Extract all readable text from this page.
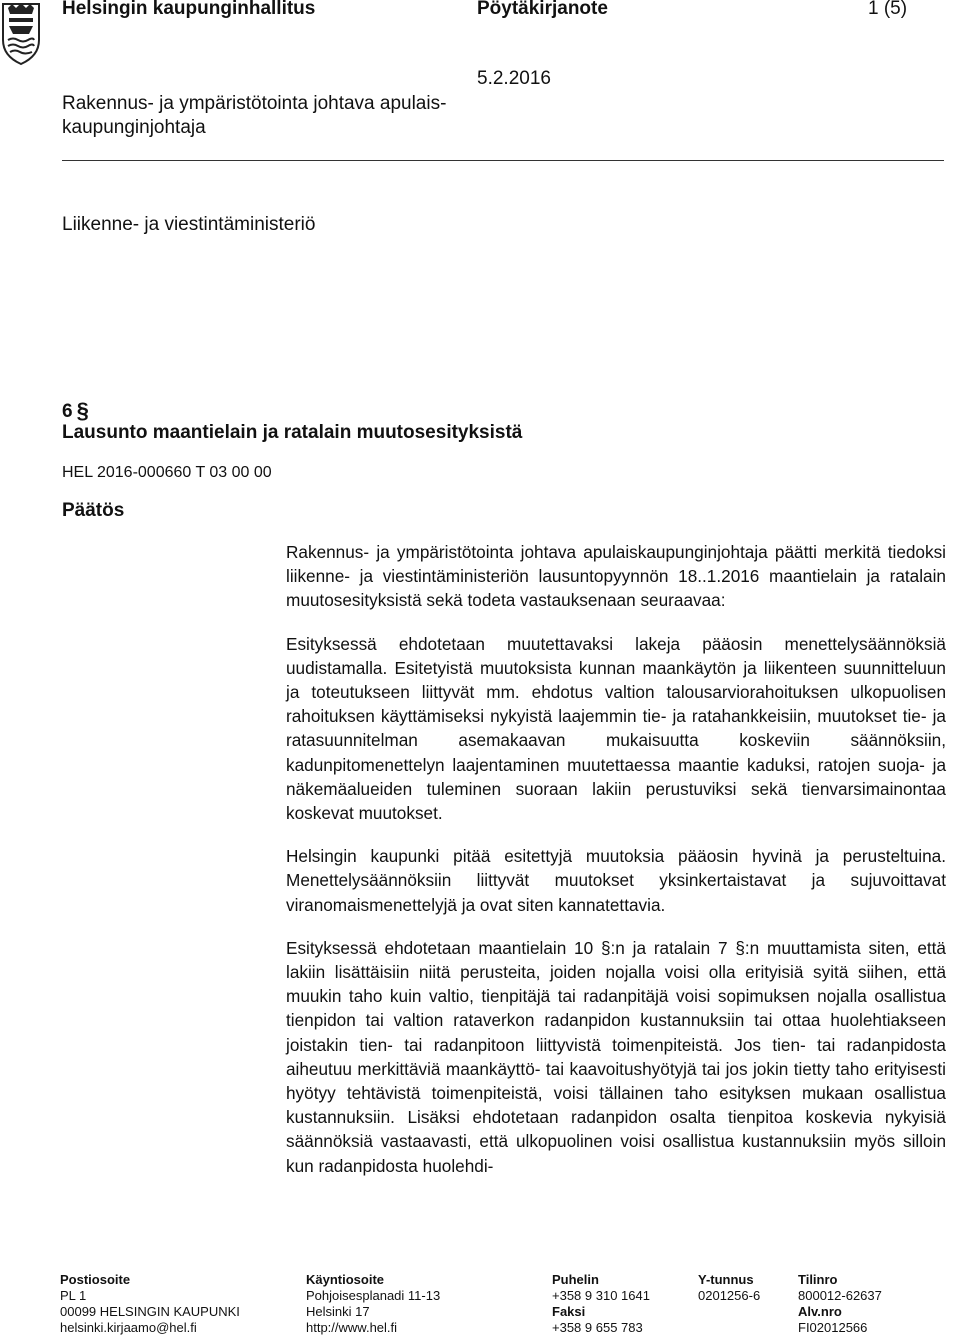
Helsingin kaupunginhallitus	Pöytäkirjanote	1 (5)
5.2.2016
Rakennus- ja ympäristötointa johtava apulais-kaupunginjohtaja
Liikenne- ja viestintäministeriö
6 §
Lausunto maantielain ja ratalain muutosesityksistä
HEL 2016-000660 T 03 00 00
Päätös

Rakennus- ja ympäristötointa johtava apulaiskaupunginjohtaja päätti merkitä tiedoksi liikenne- ja viestintäministeriön lausuntopyynnön 18..1.2016 maantielain ja ratalain muutosesityksistä sekä todeta vastauksenaan seuraavaa:

Esityksessä ehdotetaan muutettavaksi lakeja pääosin menettelysäännöksiä uudistamalla. Esitetyistä muutoksista kunnan maankäytön ja liikenteen suunnitteluun ja toteutukseen liittyvät mm. ehdotus valtion talousarviorahoituksen ulkopuolisen rahoituksen käyttämiseksi nykyistä laajemmin tie- ja ratahankkeisiin, muutokset tie- ja ratasuunnitelman asemakaavan mukaisuutta koskeviin säännöksiin, kadunpitomenettelyn laajentaminen muutettaessa maantie kaduksi, ratojen suoja- ja näkemäalueiden tuleminen suoraan lakiin perustuviksi sekä tienvarsimainontaa koskevat muutokset.

Helsingin kaupunki pitää esitettyjä muutoksia pääosin hyvinä ja perusteltuina. Menettelysäännöksiin liittyvät muutokset yksinkertaistavat ja sujuvoittavat viranomaismenettelyjä ja ovat siten kannatettavia.

Esityksessä ehdotetaan maantielain 10 §:n ja ratalain 7 §:n muuttamista siten, että lakiin lisättäisiin niitä perusteita, joiden nojalla voisi olla erityisiä syitä siihen, että muukin taho kuin valtio, tienpitäjä tai radanpitäjä voisi sopimuksen nojalla osallistua tienpidon tai valtion rataverkon radanpidon kustannuksiin tai ottaa huolehtiakseen joistakin tien- tai radanpitoon liittyvistä toimenpiteistä. Jos tien- tai radanpidosta aiheutuu merkittäviä maankäyttö- tai kaavoitushyötyjä tai jos jokin tietty taho erityisesti hyötyy tehtävistä toimenpiteistä, voisi tällainen taho esityksen mukaan osallistua kustannuksiin. Lisäksi ehdotetaan radanpidon osalta tienpitoa koskevia nykyisiä säännöksiä vastaavasti, että ulkopuolinen voisi osallistua kustannuksiin myös silloin kun radanpidosta huolehdi-

Postiosoite
PL 1
00099 HELSINGIN KAUPUNKI
helsinki.kirjaamo@hel.fi
Käyntiosoite
Pohjoisesplanadi 11-13
Helsinki 17
http://www.hel.fi
Puhelin
+358 9 310 1641
Faksi
+358 9 655 783
Y-tunnus
0201256-6
Tilinro
800012-62637
Alv.nro
FI02012566
